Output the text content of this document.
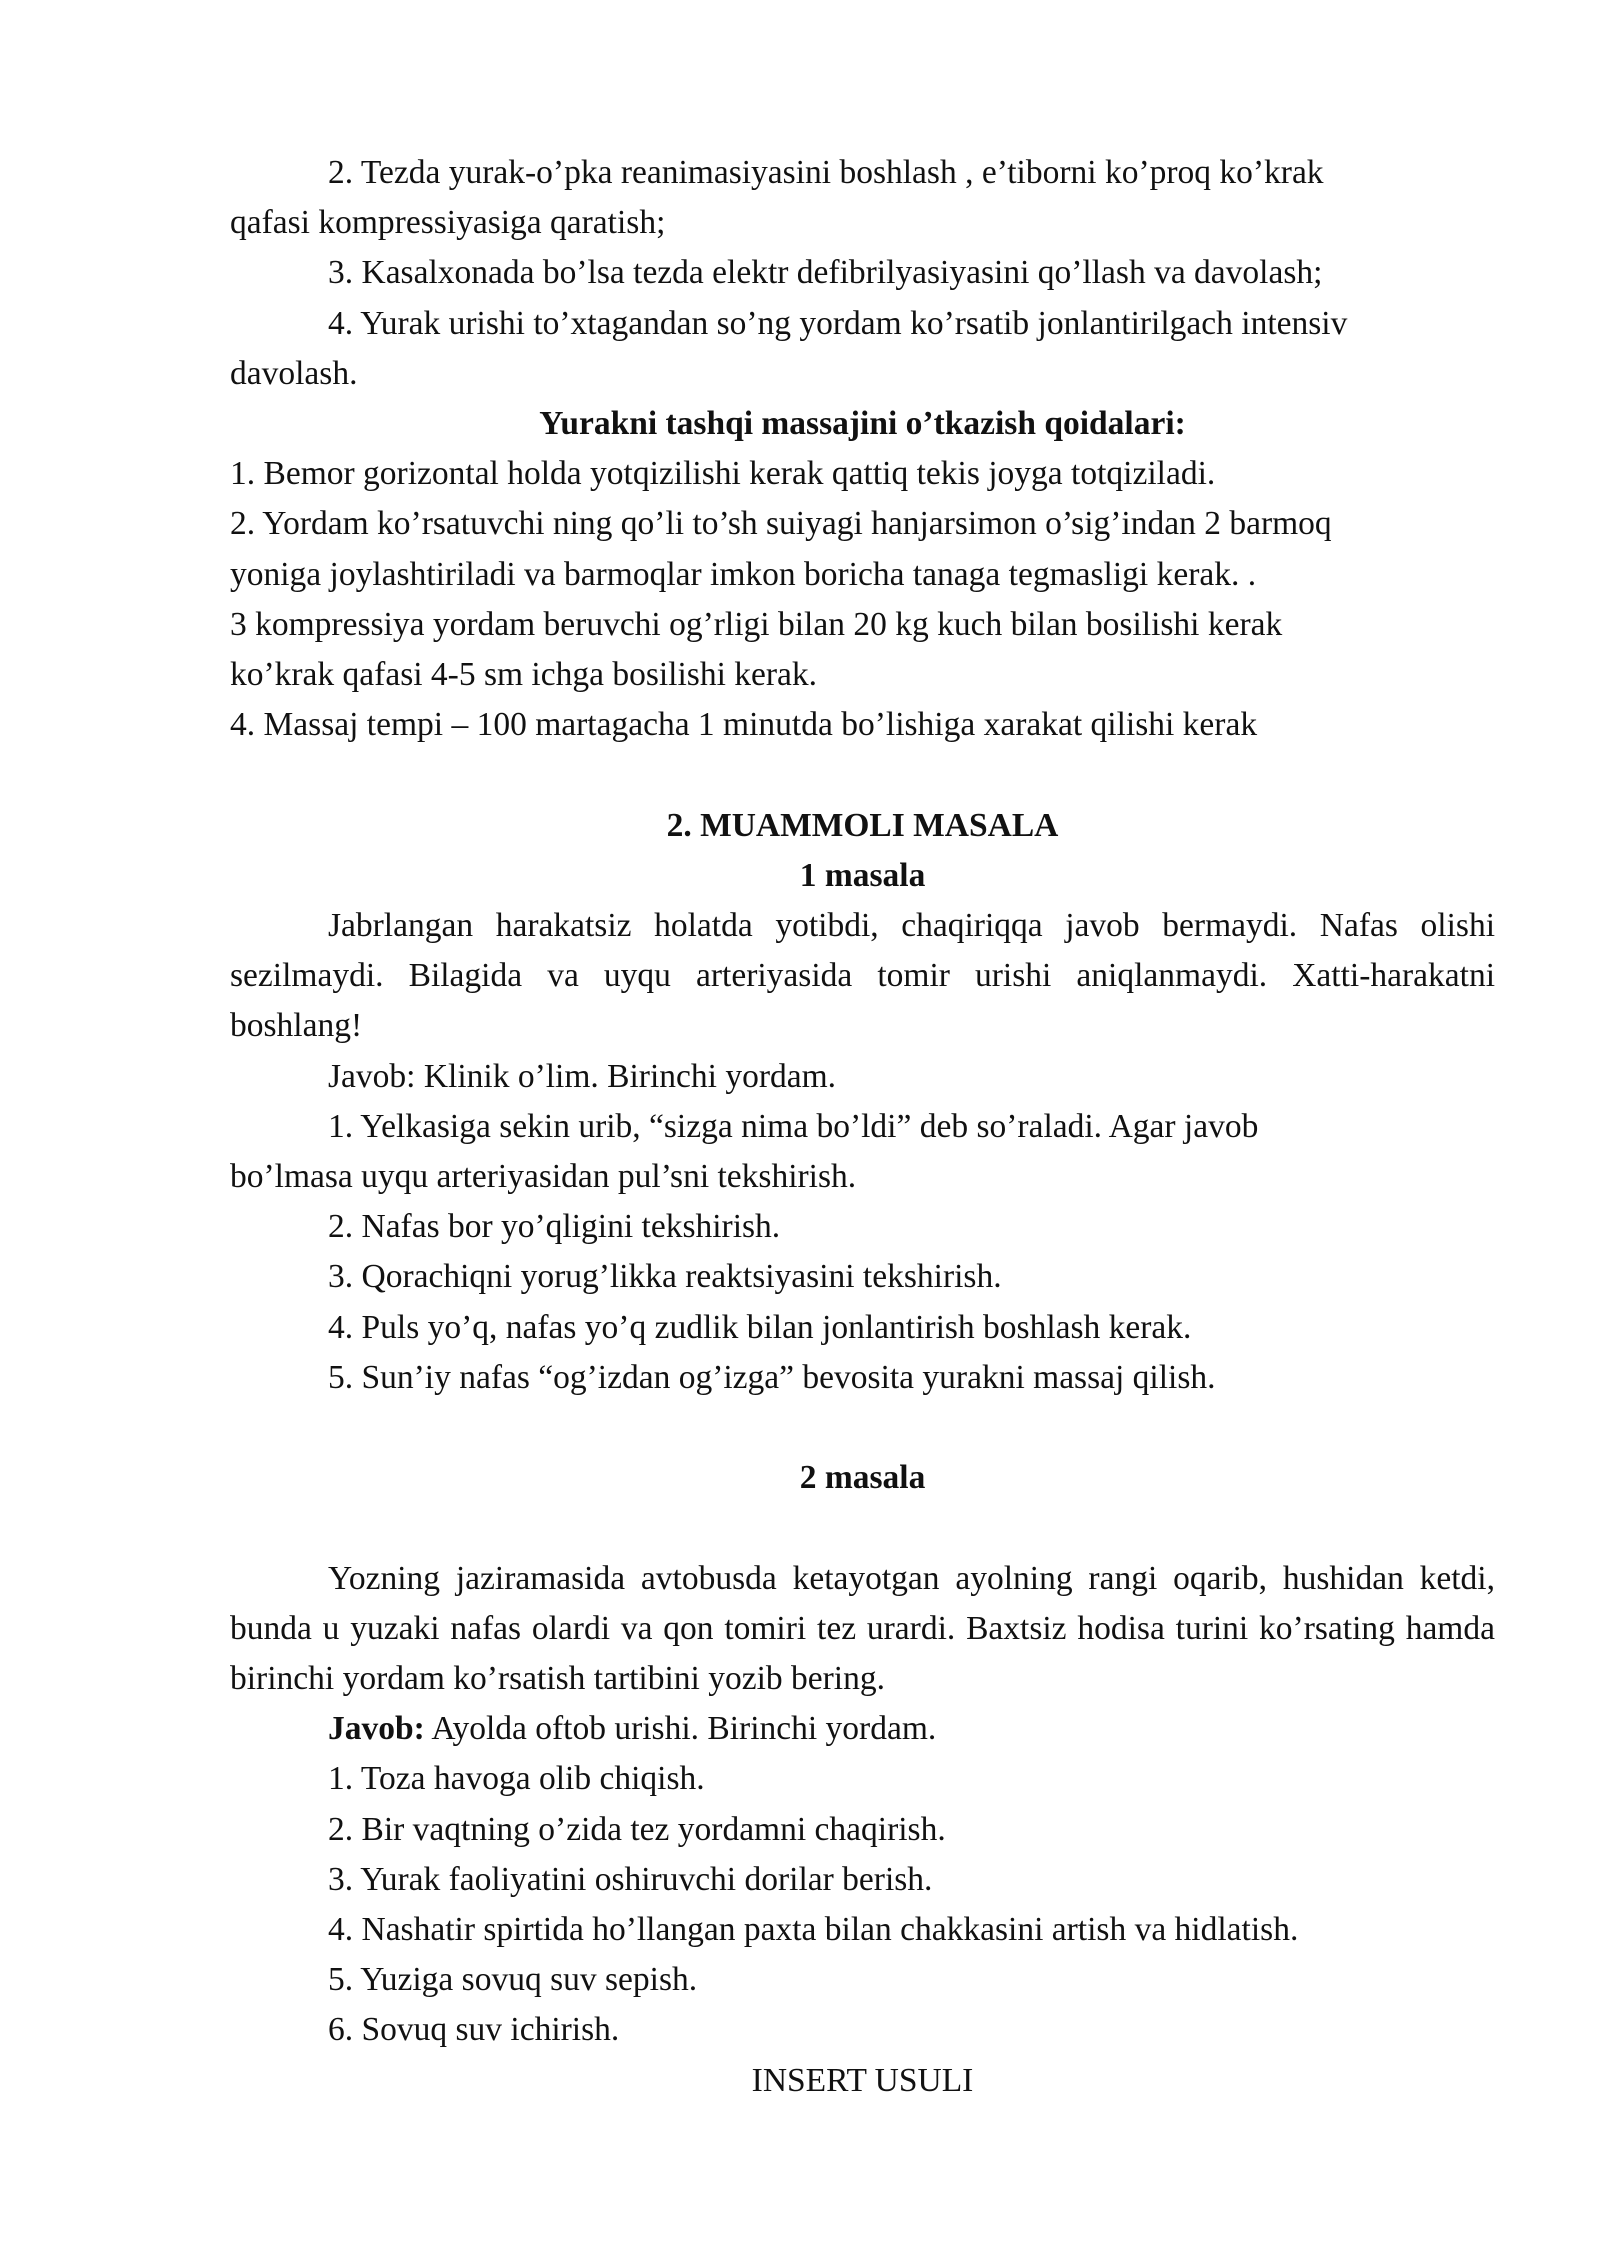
2. Tezda yurak-o’pka reanimasiyasini boshlash , e’tiborni ko’proq ko’krak

qafasi kompressiyasiga qaratish;

3. Kasalxonada bo’lsa tezda elektr defibrilyasiyasini qo’llash va davolash;

4. Yurak urishi to’xtagandan so’ng yordam ko’rsatib jonlantirilgach intensiv

davolash.

Yurakni tashqi massajini o’tkazish qoidalari:

1. Bemor gorizontal holda yotqizilishi kerak qattiq tekis joyga totqiziladi.

2. Yordam ko’rsatuvchi ning qo’li to’sh suiyagi hanjarsimon o’sig’indan 2 barmoq

yoniga joylashtiriladi va barmoqlar imkon boricha tanaga tegmasligi kerak. .

3 kompressiya yordam beruvchi og’rligi bilan 20 kg kuch bilan bosilishi kerak

ko’krak qafasi 4-5 sm ichga bosilishi kerak.

4. Massaj tempi – 100 martagacha 1 minutda bo’lishiga xarakat qilishi kerak

2. MUAMMOLI MASALA

1 masala

Jabrlangan harakatsiz holatda yotibdi, chaqiriqqa javob bermaydi. Nafas olishi sezilmaydi. Bilagida va uyqu arteriyasida tomir urishi aniqlanmaydi. Xatti-harakatni boshlang!

Javob: Klinik o’lim. Birinchi yordam.

1. Yelkasiga sekin urib, “sizga nima bo’ldi” deb so’raladi. Agar javob

bo’lmasa uyqu arteriyasidan pul’sni tekshirish.

2. Nafas bor yo’qligini tekshirish.

3. Qorachiqni yorug’likka reaktsiyasini tekshirish.

4. Puls yo’q, nafas yo’q zudlik bilan jonlantirish boshlash kerak.

5. Sun’iy nafas “og’izdan og’izga” bevosita yurakni massaj qilish.

2 masala

Yozning jaziramasida avtobusda ketayotgan ayolning rangi oqarib, hushidan ketdi, bunda u yuzaki nafas olardi va qon tomiri tez urardi. Baxtsiz hodisa turini ko’rsating hamda birinchi yordam ko’rsatish tartibini yozib bering.

Javob: Ayolda oftob urishi. Birinchi yordam.

1. Toza havoga olib chiqish.

2. Bir vaqtning o’zida tez yordamni chaqirish.

3. Yurak faoliyatini oshiruvchi dorilar berish.

4. Nashatir spirtida ho’llangan paxta bilan chakkasini artish va hidlatish.

5. Yuziga sovuq suv sepish.

6. Sovuq suv ichirish.

INSERT USULI
